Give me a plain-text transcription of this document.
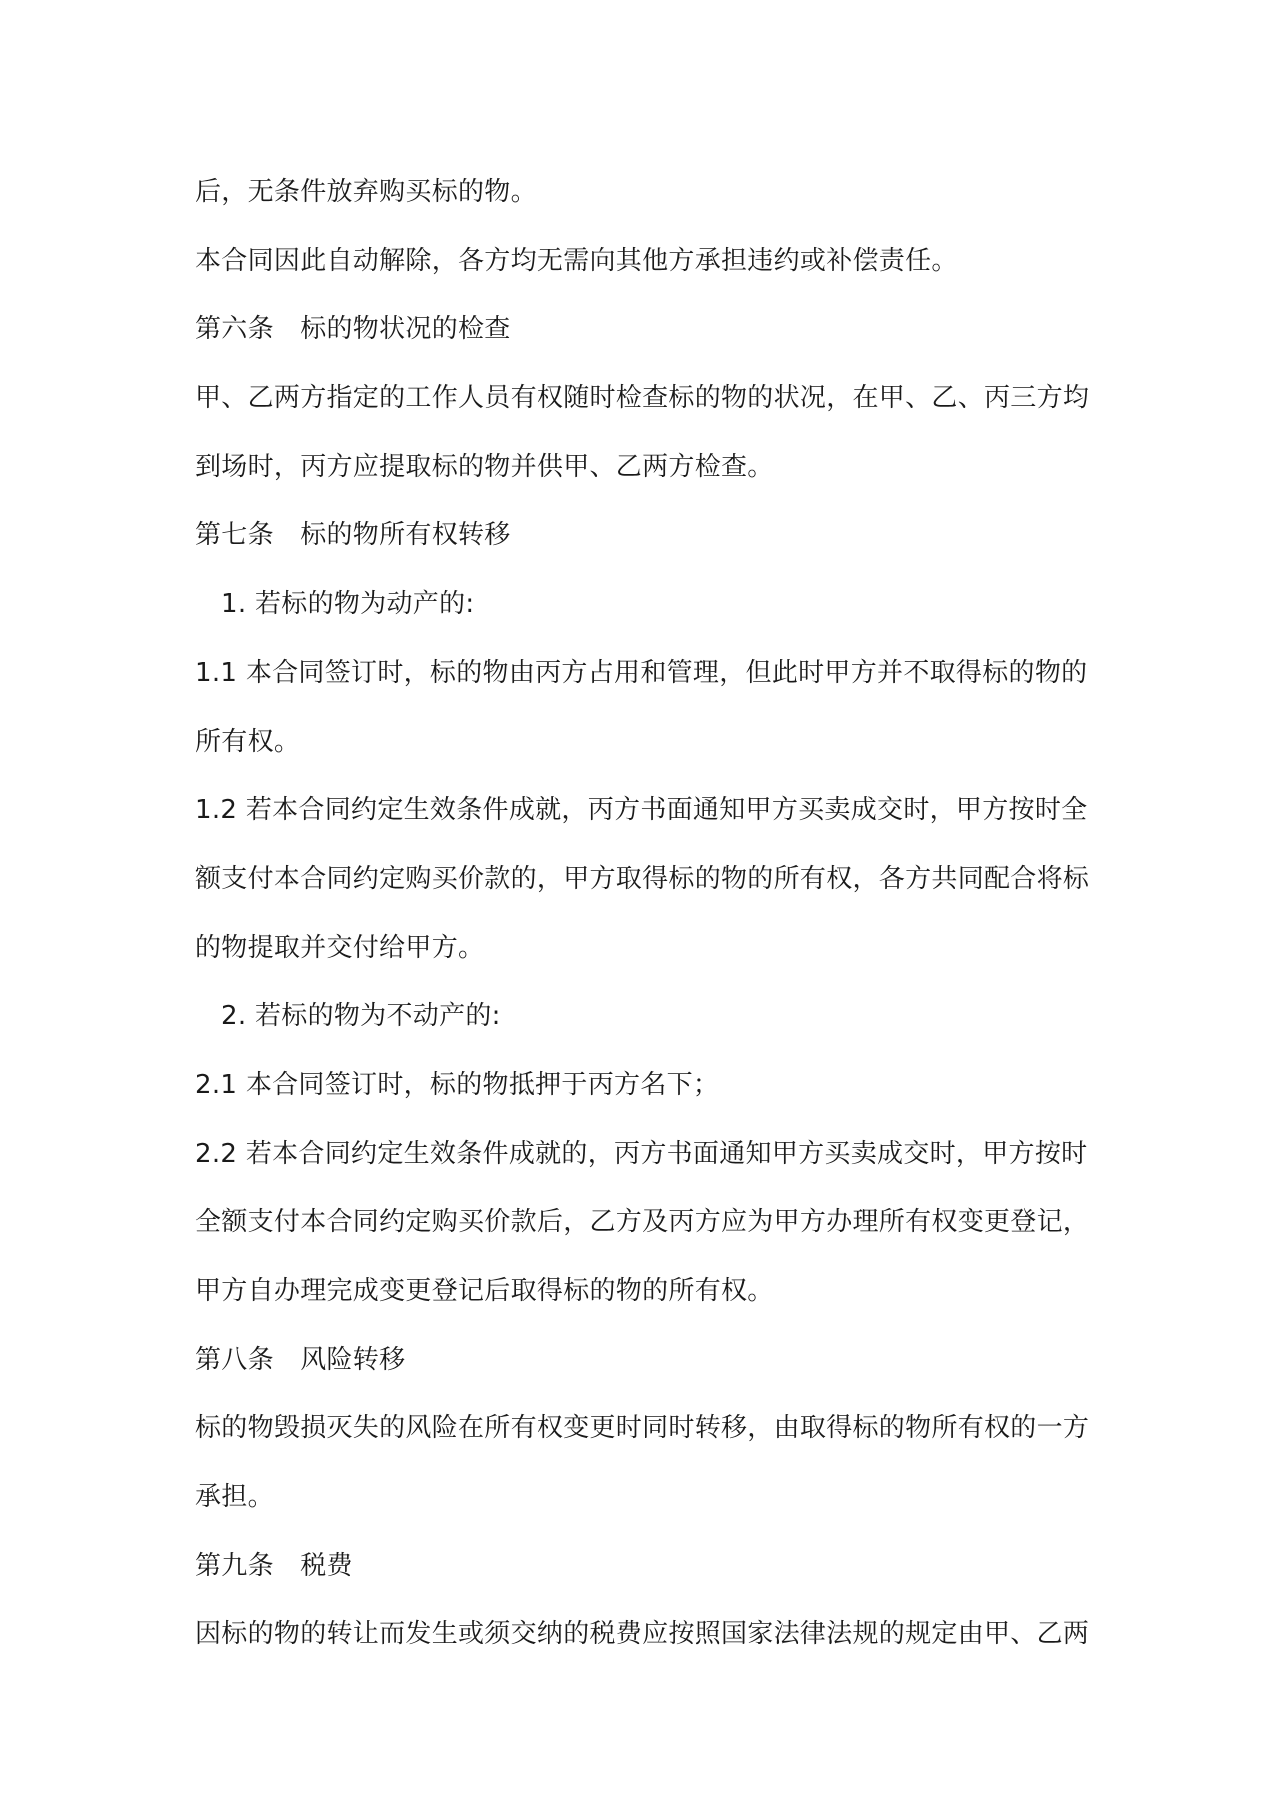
后，无条件放弃购买标的物。
本合同因此自动解除，各方均无需向其他方承担违约或补偿责任。
第六条　标的物状况的检查
甲、乙两方指定的工作人员有权随时检查标的物的状况，在甲、乙、丙三方均
到场时，丙方应提取标的物并供甲、乙两方检查。
第七条　标的物所有权转移
1. 若标的物为动产的:
1.1 本合同签订时，标的物由丙方占用和管理，但此时甲方并不取得标的物的
所有权。
1.2 若本合同约定生效条件成就，丙方书面通知甲方买卖成交时，甲方按时全
额支付本合同约定购买价款的，甲方取得标的物的所有权，各方共同配合将标
的物提取并交付给甲方。
2. 若标的物为不动产的:
2.1 本合同签订时，标的物抵押于丙方名下；
2.2 若本合同约定生效条件成就的，丙方书面通知甲方买卖成交时，甲方按时
全额支付本合同约定购买价款后，乙方及丙方应为甲方办理所有权变更登记，
甲方自办理完成变更登记后取得标的物的所有权。
第八条　风险转移
标的物毁损灭失的风险在所有权变更时同时转移，由取得标的物所有权的一方
承担。
第九条　税费
因标的物的转让而发生或须交纳的税费应按照国家法律法规的规定由甲、乙两
